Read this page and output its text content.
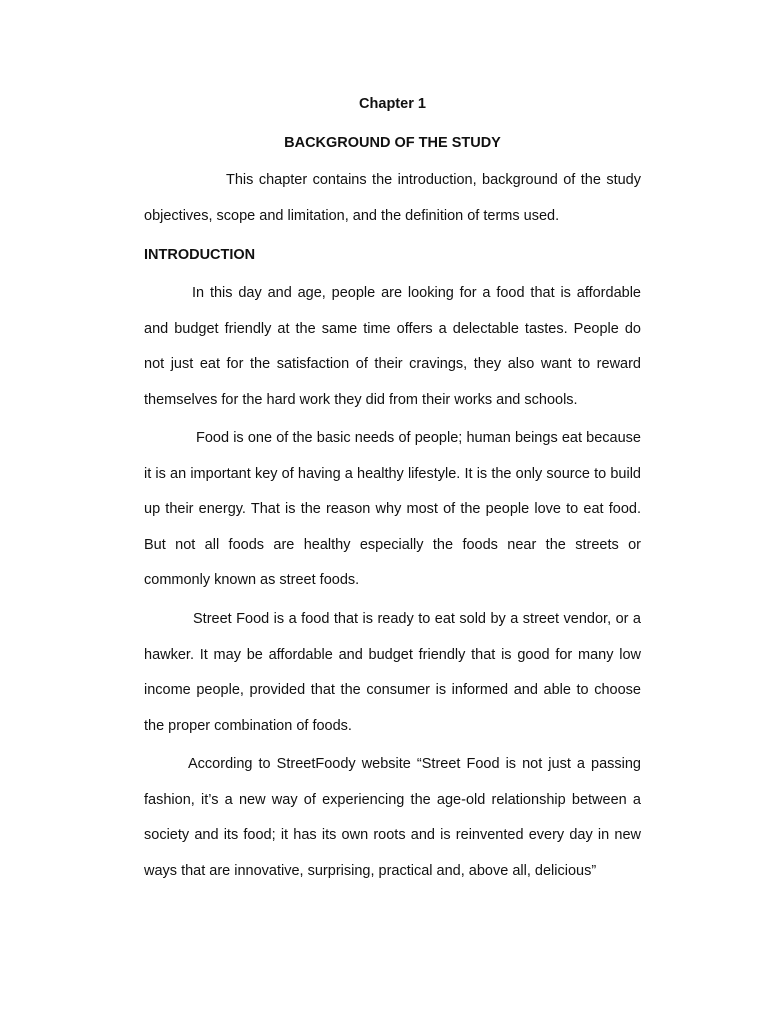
Chapter 1
BACKGROUND OF THE STUDY

This chapter contains the introduction, background of the study objectives, scope and limitation, and the definition of terms used.

INTRODUCTION

In this day and age, people are looking for a food that is affordable and budget friendly at the same time offers a delectable tastes. People do not just eat for the satisfaction of their cravings, they also want to reward themselves for the hard work they did from their works and schools.

Food is one of the basic needs of people; human beings eat because it is an important key of having a healthy lifestyle. It is the only source to build up their energy. That is the reason why most of the people love to eat food. But not all foods are healthy especially the foods near the streets or commonly known as street foods.

Street Food is a food that is ready to eat sold by a street vendor, or a hawker. It may be affordable and budget friendly that is good for many low income people, provided that the consumer is informed and able to choose the proper combination of foods.

According to StreetFoody website “Street Food is not just a passing fashion, it’s a new way of experiencing the age-old relationship between a society and its food; it has its own roots and is reinvented every day in new ways that are innovative, surprising, practical and, above all, delicious”
